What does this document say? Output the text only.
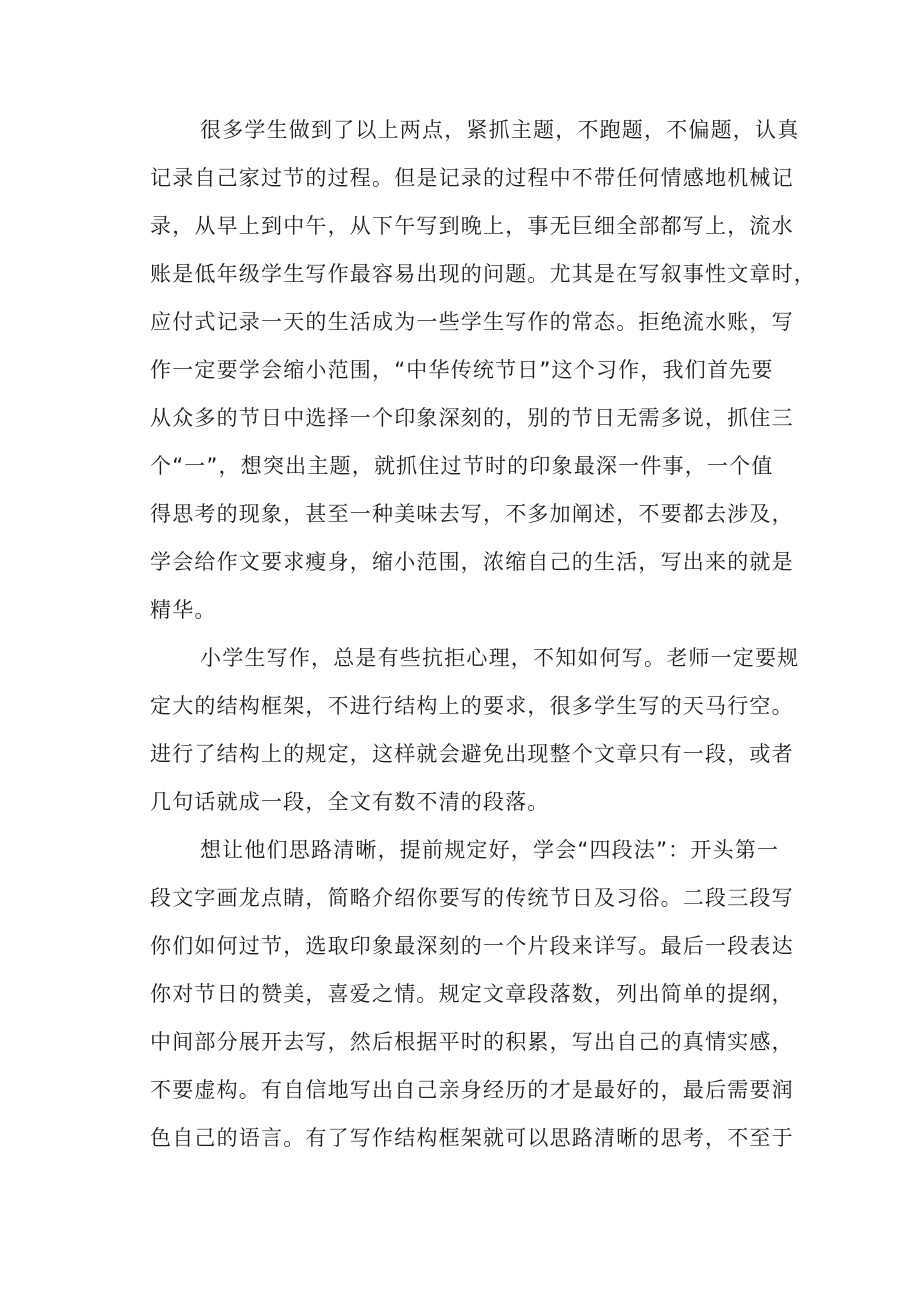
很多学生做到了以上两点，紧抓主题，不跑题，不偏题，认真
记录自己家过节的过程。但是记录的过程中不带任何情感地机械记
录，从早上到中午，从下午写到晚上，事无巨细全部都写上，流水
账是低年级学生写作最容易出现的问题。尤其是在写叙事性文章时，
应付式记录一天的生活成为一些学生写作的常态。拒绝流水账，写
作一定要学会缩小范围，“中华传统节日”这个习作，我们首先要
从众多的节日中选择一个印象深刻的，别的节日无需多说，抓住三
个“一”，想突出主题，就抓住过节时的印象最深一件事，一个值
得思考的现象，甚至一种美味去写，不多加阐述，不要都去涉及，
学会给作文要求瘦身，缩小范围，浓缩自己的生活，写出来的就是
精华。
小学生写作，总是有些抗拒心理，不知如何写。老师一定要规
定大的结构框架，不进行结构上的要求，很多学生写的天马行空。
进行了结构上的规定，这样就会避免出现整个文章只有一段，或者
几句话就成一段，全文有数不清的段落。
想让他们思路清晰，提前规定好，学会“四段法”：开头第一
段文字画龙点睛，简略介绍你要写的传统节日及习俗。二段三段写
你们如何过节，选取印象最深刻的一个片段来详写。最后一段表达
你对节日的赞美，喜爱之情。规定文章段落数，列出简单的提纲，
中间部分展开去写，然后根据平时的积累，写出自己的真情实感，
不要虚构。有自信地写出自己亲身经历的才是最好的，最后需要润
色自己的语言。有了写作结构框架就可以思路清晰的思考，不至于
